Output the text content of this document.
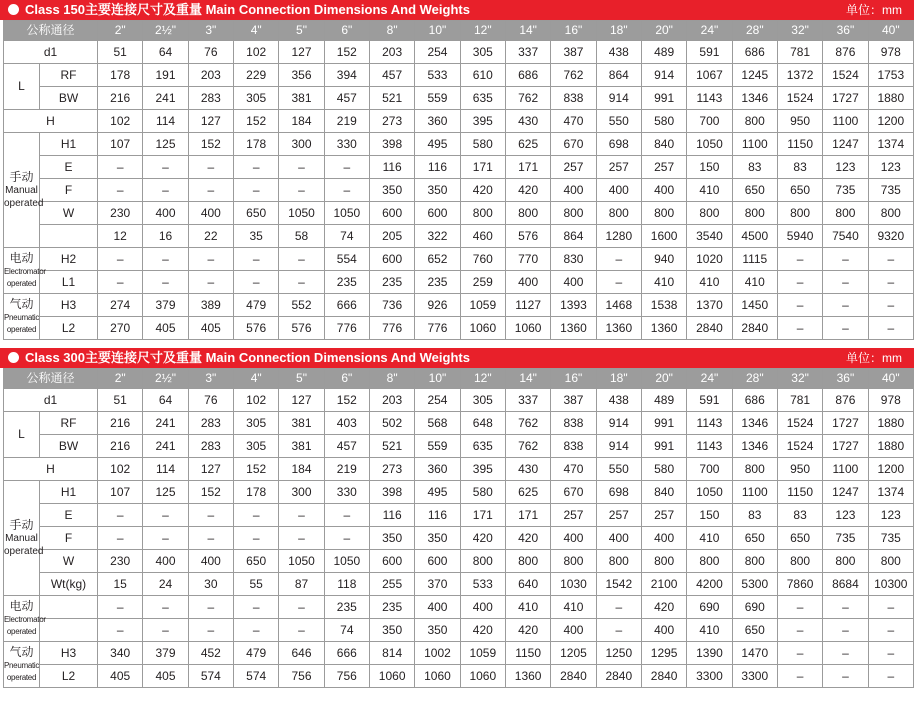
Class 150主要连接尺寸及重量 Main Connection Dimensions And Weights	单位：mm
公称通径		2"	2½"	3"	4"	5"	6"	8"	10"	12"	14"	16"	18"	20"	24"	28"	32"	36"	40"
d1		51	64	76	102	127	152	203	254	305	337	387	438	489	591	686	781	876	978
L	RF	178	191	203	229	356	394	457	533	610	686	762	864	914	1067	1245	1372	1524	1753
	BW	216	241	283	305	381	457	521	559	635	762	838	914	991	1143	1346	1524	1727	1880
H		102	114	127	152	184	219	273	360	395	430	470	550	580	700	800	950	1100	1200
手动
Manual
operated	H1	107	125	152	178	300	330	398	495	580	625	670	698	840	1050	1100	1150	1247	1374
	E	–	–	–	–	–	–	116	116	171	171	257	257	257	150	83	83	123	123
	F	–	–	–	–	–	–	350	350	420	420	400	400	400	410	650	650	735	735
	W	230	400	400	650	1050	1050	600	600	800	800	800	800	800	800	800	800	800	800
		12	16	22	35	58	74	205	322	460	576	864	1280	1600	3540	4500	5940	7540	9320
电动
Electromator
operated	H2	–	–	–	–	–	554	600	652	760	770	830	–	940	1020	1115	–	–	–
	L1	–	–	–	–	–	235	235	235	259	400	400	–	410	410	410	–	–	–
气动
Pneumatic
operated	H3	274	379	389	479	552	666	736	926	1059	1127	1393	1468	1538	1370	1450	–	–	–
	L2	270	405	405	576	576	776	776	776	1060	1060	1360	1360	1360	2840	2840	–	–	–
Class 300主要连接尺寸及重量 Main Connection Dimensions And Weights	单位：mm
公称通径		2"	2½"	3"	4"	5"	6"	8"	10"	12"	14"	16"	18"	20"	24"	28"	32"	36"	40"
d1		51	64	76	102	127	152	203	254	305	337	387	438	489	591	686	781	876	978
L	RF	216	241	283	305	381	403	502	568	648	762	838	914	991	1143	1346	1524	1727	1880
	BW	216	241	283	305	381	457	521	559	635	762	838	914	991	1143	1346	1524	1727	1880
H		102	114	127	152	184	219	273	360	395	430	470	550	580	700	800	950	1100	1200
手动
Manual
operated	H1	107	125	152	178	300	330	398	495	580	625	670	698	840	1050	1100	1150	1247	1374
	E	–	–	–	–	–	–	116	116	171	171	257	257	257	150	83	83	123	123
	F	–	–	–	–	–	–	350	350	420	420	400	400	400	410	650	650	735	735
	W	230	400	400	650	1050	1050	600	600	800	800	800	800	800	800	800	800	800	800
	Wt(kg)	15	24	30	55	87	118	255	370	533	640	1030	1542	2100	4200	5300	7860	8684	10300
电动
Electromator
operated		–	–	–	–	–	235	235	400	400	410	410	–	420	690	690	–	–	–
		–	–	–	–	–	74	350	350	420	420	400	–	400	410	650	–	–	–
气动
Pneumatic
operated	H3	340	379	452	479	646	666	814	1002	1059	1150	1205	1250	1295	1390	1470	–	–	–
	L2	405	405	574	574	756	756	1060	1060	1060	1360	2840	2840	2840	3300	3300	–	–	–
